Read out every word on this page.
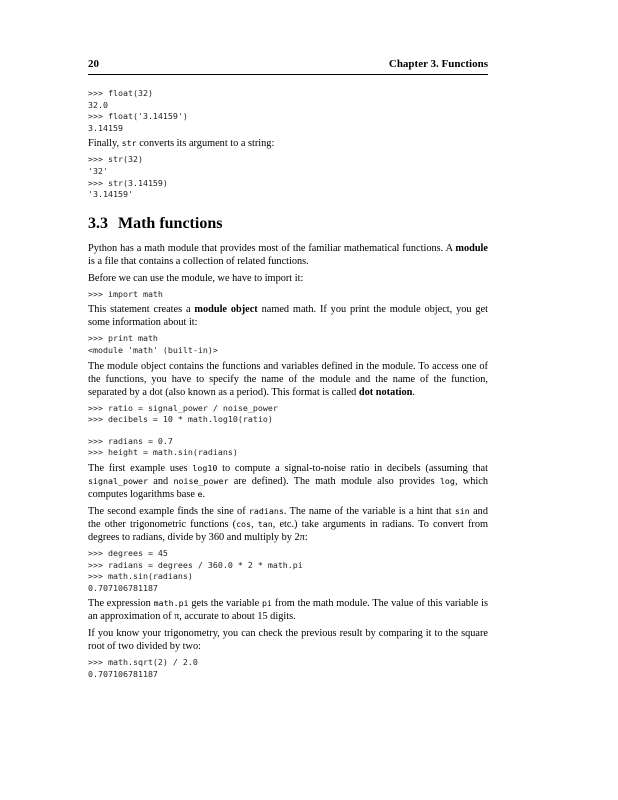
20	Chapter 3. Functions
>>> float(32)
32.0
>>> float('3.14159')
3.14159

Finally, str converts its argument to a string:

>>> str(32)
'32'
>>> str(3.14159)
'3.14159'
3.3 Math functions

Python has a math module that provides most of the familiar mathematical functions. A module is a file that contains a collection of related functions.

Before we can use the module, we have to import it:

>>> import math

This statement creates a module object named math. If you print the module object, you get some information about it:

>>> print math
<module 'math' (built-in)>

The module object contains the functions and variables defined in the module. To access one of the functions, you have to specify the name of the module and the name of the function, separated by a dot (also known as a period). This format is called dot notation.

>>> ratio = signal_power / noise_power
>>> decibels = 10 * math.log10(ratio)
>>> radians = 0.7
>>> height = math.sin(radians)

The first example uses log10 to compute a signal-to-noise ratio in decibels (assuming that signal_power and noise_power are defined). The math module also provides log, which computes logarithms base e.

The second example finds the sine of radians. The name of the variable is a hint that sin and the other trigonometric functions (cos, tan, etc.) take arguments in radians. To convert from degrees to radians, divide by 360 and multiply by 2π:

>>> degrees = 45
>>> radians = degrees / 360.0 * 2 * math.pi
>>> math.sin(radians)
0.707106781187

The expression math.pi gets the variable pi from the math module. The value of this variable is an approximation of π, accurate to about 15 digits.

If you know your trigonometry, you can check the previous result by comparing it to the square root of two divided by two:

>>> math.sqrt(2) / 2.0
0.707106781187
